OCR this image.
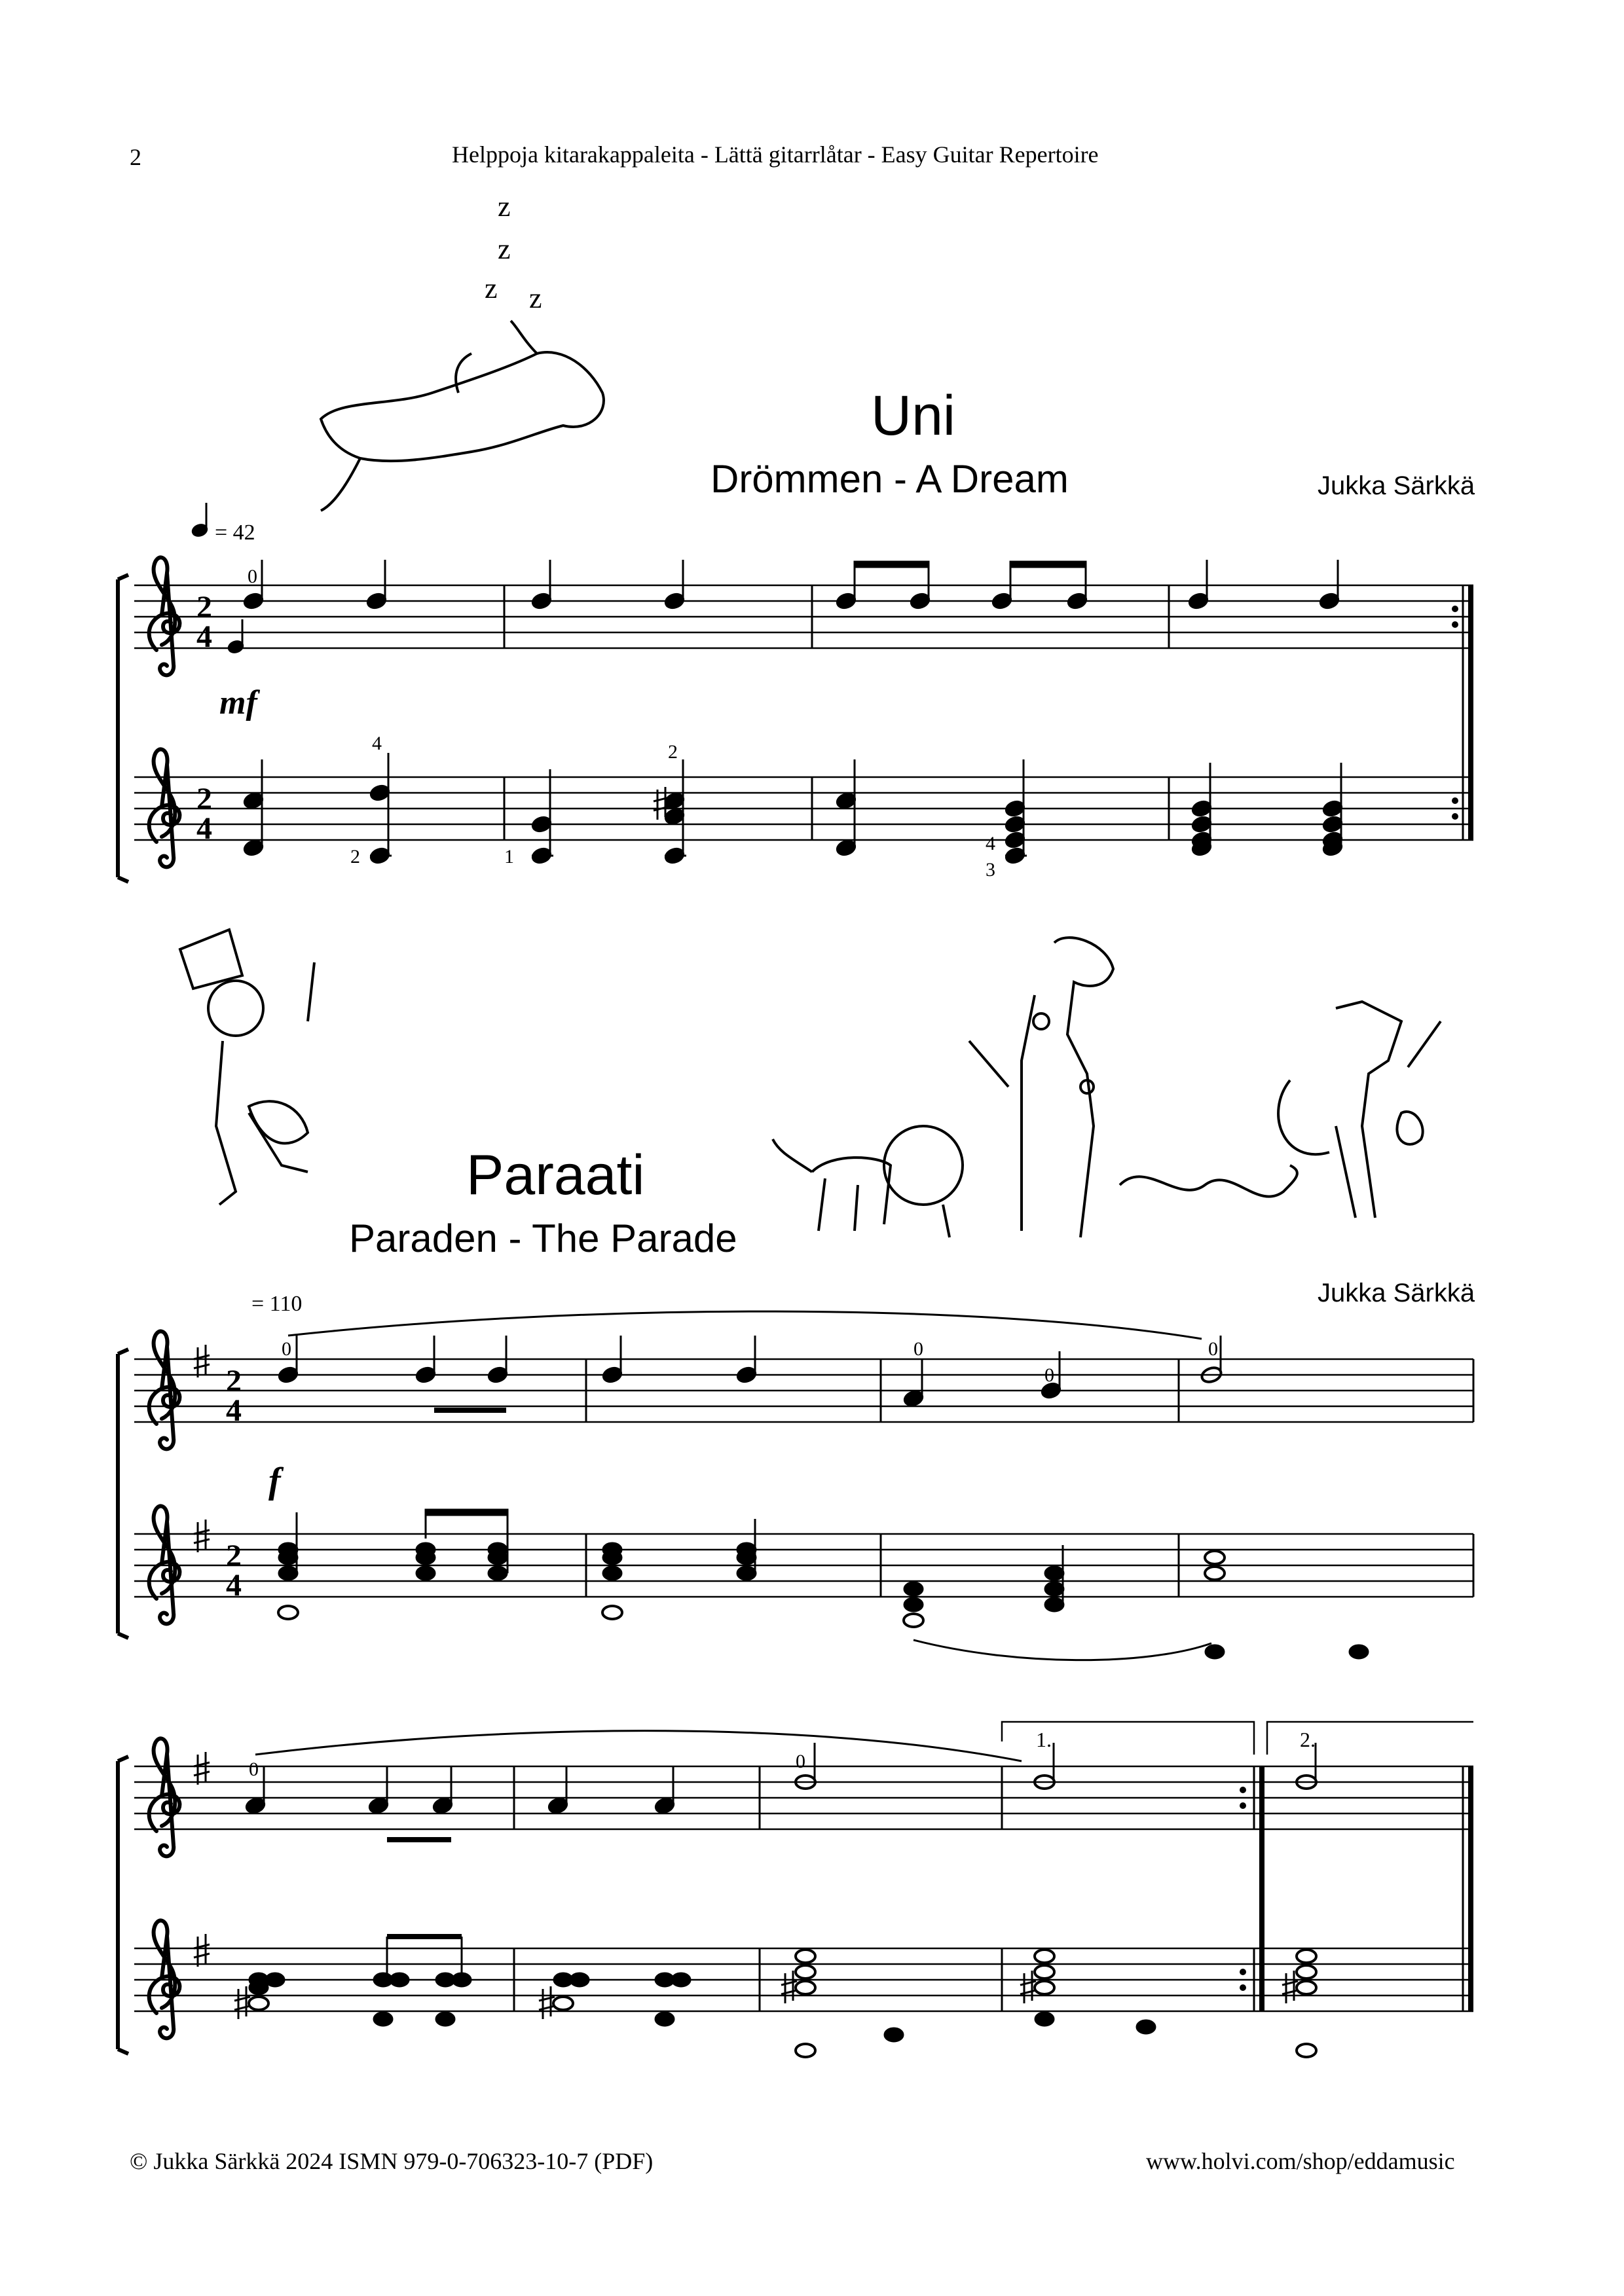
2	Helppoja kitarakappaleita - Lättä gitarrlåtar - Easy Guitar Repertoire
Uni
Drömmen - A Dream	Jukka Särkkä
= 42
Paraati
Paraden - The Parade
Jukka Särkkä
= 110
© Jukka Särkkä 2024 ISMN 979-0-706323-10-7 (PDF)	www.holvi.com/shop/eddamusic
2
4
2
4
0
mf
4
2
2
1
4
3
2
4
2
4
0	0
0
0
f
1.	2.
0	0
z
z
z z
